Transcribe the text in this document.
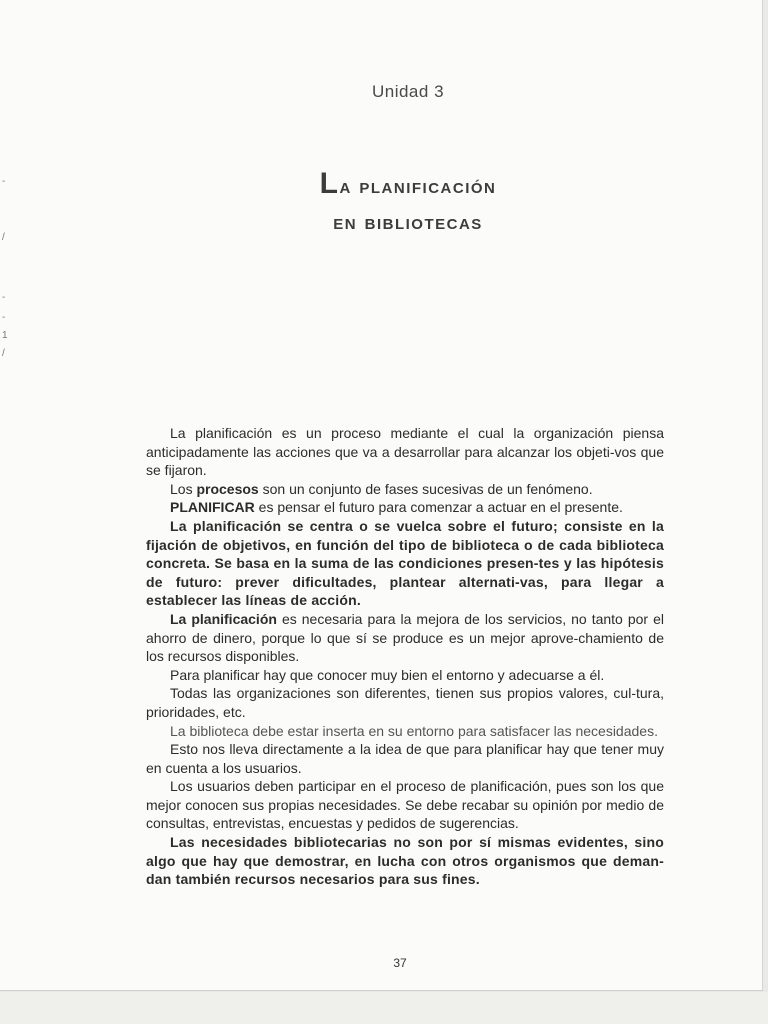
-
/
-
-
1
/
Unidad 3
La planificación
en bibliotecas

La planificación es un proceso mediante el cual la organización piensa anticipadamente las acciones que va a desarrollar para alcanzar los objeti-vos que se fijaron.

Los procesos son un conjunto de fases sucesivas de un fenómeno.

PLANIFICAR es pensar el futuro para comenzar a actuar en el presente.

La planificación se centra o se vuelca sobre el futuro; consiste en la fijación de objetivos, en función del tipo de biblioteca o de cada biblioteca concreta. Se basa en la suma de las condiciones presen-tes y las hipótesis de futuro: prever dificultades, plantear alternati-vas, para llegar a establecer las líneas de acción.

La planificación es necesaria para la mejora de los servicios, no tanto por el ahorro de dinero, porque lo que sí se produce es un mejor aprove-chamiento de los recursos disponibles.

Para planificar hay que conocer muy bien el entorno y adecuarse a él.

Todas las organizaciones son diferentes, tienen sus propios valores, cul-tura, prioridades, etc.

La biblioteca debe estar inserta en su entorno para satisfacer las necesidades.

Esto nos lleva directamente a la idea de que para planificar hay que tener muy en cuenta a los usuarios.

Los usuarios deben participar en el proceso de planificación, pues son los que mejor conocen sus propias necesidades. Se debe recabar su opinión por medio de consultas, entrevistas, encuestas y pedidos de sugerencias.

Las necesidades bibliotecarias no son por sí mismas evidentes, sino algo que hay que demostrar, en lucha con otros organismos que deman-dan también recursos necesarios para sus fines.

37
